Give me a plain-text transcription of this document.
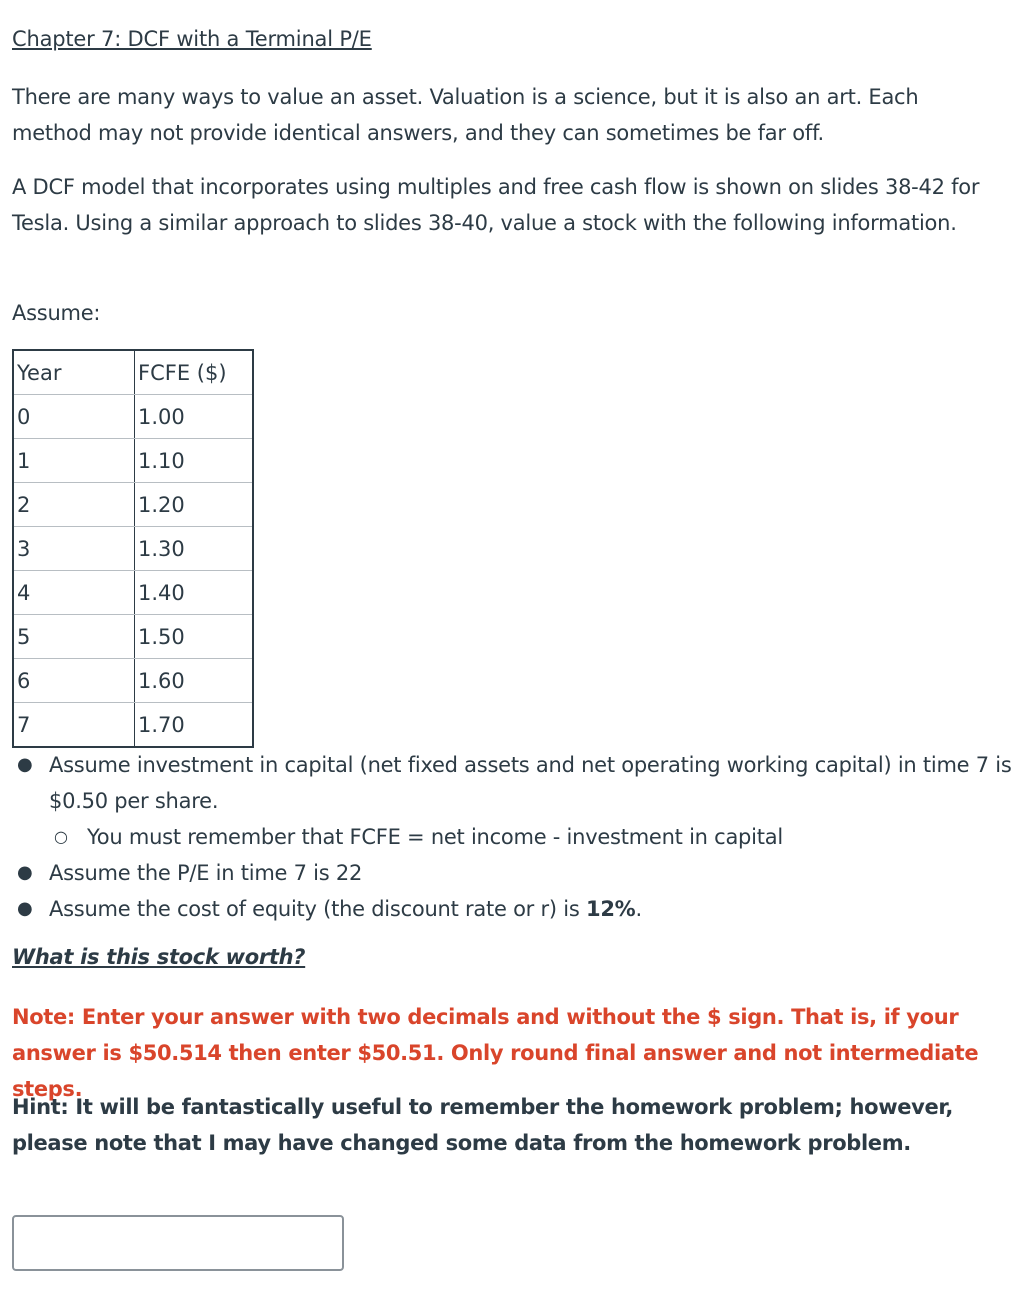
Chapter 7: DCF with a Terminal P/E

There are many ways to value an asset. Valuation is a science, but it is also an art. Each method may not provide identical answers, and they can sometimes be far off.

A DCF model that incorporates using multiples and free cash flow is shown on slides 38-42 for Tesla. Using a similar approach to slides 38-40, value a stock with the following information.

Assume:

Year	FCFE ($)
0	1.00
1	1.10
2	1.20
3	1.30
4	1.40
5	1.50
6	1.60
7	1.70
● Assume investment in capital (net fixed assets and net operating working capital) in time 7 is $0.50 per share.
○ You must remember that FCFE = net income - investment in capital
● Assume the P/E in time 7 is 22
● Assume the cost of equity (the discount rate or r) is 12%.

What is this stock worth?

Note: Enter your answer with two decimals and without the $ sign. That is, if your answer is $50.514 then enter $50.51. Only round final answer and not intermediate steps.

Hint: It will be fantastically useful to remember the homework problem; however, please note that I may have changed some data from the homework problem.
